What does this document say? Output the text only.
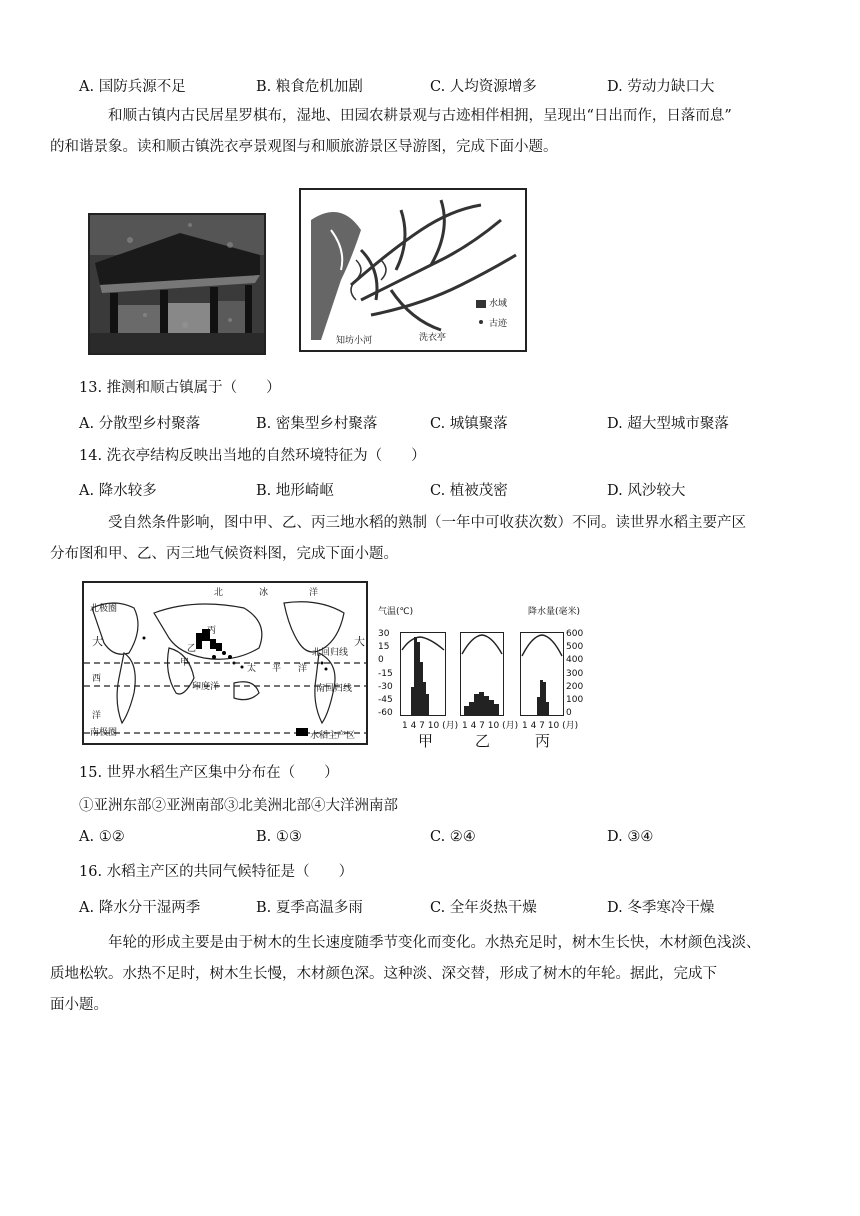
A. 国防兵源不足	B. 粮食危机加剧	C. 人均资源增多	D. 劳动力缺口大
和顺古镇内古民居星罗棋布，湿地、田园农耕景观与古迹相伴相拥，呈现出“日出而作，日落而息”
的和谐景象。读和顺古镇洗衣亭景观图与和顺旅游景区导游图，完成下面小题。
水域
古迹
知坊小河	洗衣亭
13. 推测和顺古镇属于（　　）
A. 分散型乡村聚落	B. 密集型乡村聚落	C. 城镇聚落	D. 超大型城市聚落
14. 洗衣亭结构反映出当地的自然环境特征为（　　）
A. 降水较多	B. 地形崎岖	C. 植被茂密	D. 风沙较大
受自然条件影响，图中甲、乙、丙三地水稻的熟制（一年中可收获次数）不同。读世界水稻主要产区
分布图和甲、乙、丙三地气候资料图，完成下面小题。
北	冰	洋
北极圈
大
丙
乙
甲
太 平 洋
北回归线
大
西
印度洋	南回归线
洋
南极圈	水稻主产区
气温(℃)	降水量(毫米)
30
15
0
-15
-30
-45
-60
600
500
400
300
200
100
0
1 4 7 10 (月) 1 4 7 10 (月) 1 4 7 10 (月)
甲	乙	丙
15. 世界水稻生产区集中分布在（　　）
①亚洲东部②亚洲南部③北美洲北部④大洋洲南部
A. ①②	B. ①③	C. ②④	D. ③④
16. 水稻主产区的共同气候特征是（　　）
A. 降水分干湿两季	B. 夏季高温多雨	C. 全年炎热干燥	D. 冬季寒冷干燥
年轮的形成主要是由于树木的生长速度随季节变化而变化。水热充足时，树木生长快，木材颜色浅淡、
质地松软。水热不足时，树木生长慢，木材颜色深。这种淡、深交替，形成了树木的年轮。据此，完成下
面小题。
